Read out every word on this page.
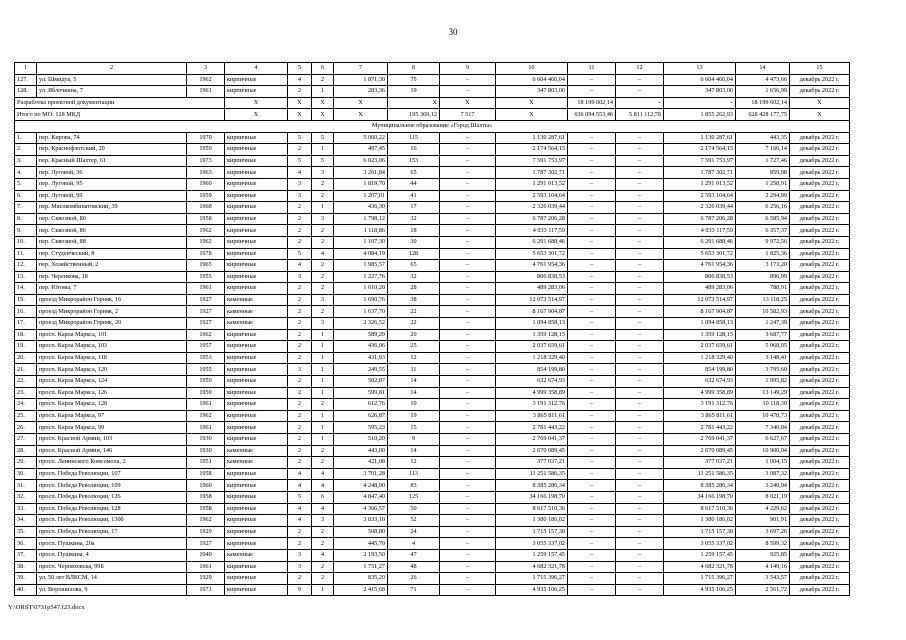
30
1	2	3	4	5	6	7	8	9	10	11	12	13	14	15	
127.	ул. Шмидта, 5	1962	кирпичные	4	2	1 871,30	75	–	6 604 466,04	–	–	6 604 466,04	4 473,66	декабрь 2022 г.	
128.	ул. Яблочкина, 7	1961	кирпичные	2	1	283,36	19	–	347 803,00	–	–	347 803,00	1 656,99	декабрь 2022 г.	
Разработка проектной документации			X	X	X	X	X	X	X	18 199 602,14	–	–	18 199 602,14	X	
Итого по МО: 128 МКД			X	X	X	X	195 369,12	7 517	X	636 094 553,46	5 811 112,78	1 855 262,93	628 428 177,75	X	
Муниципальное образование «Город Шахты»															
1.	пер. Кирова, 74	1970	кирпичные	5	5	5 060,22	115	–	1 130 287,61	–	–	1 130 287,61	443,35	декабрь 2022 г.	
2.	пер. Краснофлотский, 20	1959	кирпичные	2	1	497,45	16	–	2 174 564,15	–	–	2 174 564,15	7 166,14	декабрь 2022 г.	
3.	пер. Красный Шахтер, 61	1973	кирпичные	5	5	6 023,06	153	–	7 591 753,97	–	–	7 591 753,97	1 727,46	декабрь 2022 г.	
4.	пер. Луговой, 36	1963	кирпичные	4	3	3 261,84	65	–	1 787 302,71	–	–	1 787 302,71	859,98	декабрь 2022 г.	
5.	пер. Луговой, 95	1960	кирпичные	3	2	1 819,70	44	–	1 291 013,52	–	–	1 291 013,52	1 258,91	декабрь 2022 г.	
6.	пер. Луговой, 99	1959	кирпичные	3	2	1 207,01	41	–	2 593 104,64	–	–	2 593 104,64	2 294,99	декабрь 2022 г.	
7.	пер. Мясокомбинатовский, 39	1968	кирпичные	2	1	436,30	17	–	2 326 039,44	–	–	2 326 039,44	6 256,16	декабрь 2022 г.	
8.	пер. Сквозной, 80	1958	кирпичные	2	3	1 798,12	32	–	6 787 206,28	–	–	6 787 206,28	6 585,94	декабрь 2022 г.	
9.	пер. Сквозной, 86	1962	кирпичные	2	2	1 118,86	18	–	4 033 117,59	–	–	4 033 117,59	6 357,37	декабрь 2022 г.	
10.	пер. Сквозной, 88	1962	кирпичные	2	2	1 107,30	30	–	6 291 688,46	–	–	6 291 688,46	9 972,56	декабрь 2022 г.	
11.	пер. Студенческий, 8	1978	кирпичные	5	4	4 084,19	128	–	5 653 301,72	–	–	5 653 301,72	1 825,36	декабрь 2022 г.	
12.	пер. Хозяйственный, 2	1965	кирпичные	4	2	1 985,57	65	–	4 761 954,36	–	–	4 761 954,36	3 173,20	декабрь 2022 г.	
13.	пер. Черенкова, 18	1955	кирпичные	3	2	1 227,76	32	–	806 838,53	–	–	806 838,53	896,99	декабрь 2022 г.	
14.	пер. Юговы, 7	1961	кирпичные	2	2	1 010,20	28	–	489 283,06	–	–	489 283,06	788,91	декабрь 2022 г.	
15.	проезд Микрорайон Горняк, 16	1927	каменные	2	3	1 690,76	38	–	12 073 514,97	–	–	12 073 514,97	13 118,25	декабрь 2022 г.	
16.	проезд Микрорайон Горняк, 2	1927	каменные	2	2	1 637,70	22	–	8 167 904,87	–	–	8 167 904,87	10 582,93	декабрь 2022 г.	
17.	проезд Микрорайон Горняк, 20	1927	каменные	2	3	2 326,52	22	–	1 094 858,13	–	–	1 094 858,13	1 247,39	декабрь 2022 г.	
18.	просп. Карла Маркса, 101	1962	кирпичные	2	1	589,29	20	–	1 359 128,15	–	–	1 359 128,15	3 687,77	декабрь 2022 г.	
19.	просп. Карла Маркса, 103	1957	кирпичные	2	1	436,06	25	–	2 037 659,61	–	–	2 037 659,61	5 068,05	декабрь 2022 г.	
20.	просп. Карла Маркса, 118	1953	кирпичные	2	1	431,93	12	–	1 218 329,40	–	–	1 218 329,40	3 148,41	декабрь 2022 г.	
21.	просп. Карла Маркса, 120	1955	кирпичные	3	1	249,55	11	–	854 199,80	–	–	854 199,80	3 795,60	декабрь 2022 г.	
22.	просп. Карла Маркса, 124	1959	кирпичные	2	1	502,87	14	–	632 674,93	–	–	632 674,93	1 995,82	декабрь 2022 г.	
23.	просп. Карла Маркса, 126	1959	кирпичные	2	1	599,81	14	–	4 999 358,89	–	–	4 999 358,89	13 149,29	декабрь 2022 г.	
24.	просп. Карла Маркса, 128	1961	кирпичные	2	2	612,76	10	–	3 191 312,76	–	–	3 191 312,76	10 118,30	декабрь 2022 г.	
25.	просп. Карла Маркса, 97	1962	кирпичные	2	1	626,87	19	–	3 865 811,61	–	–	3 865 811,61	10 478,73	декабрь 2022 г.	
26.	просп. Карла Маркса, 99	1961	кирпичные	2	1	595,23	15	–	2 781 443,22	–	–	2 781 443,22	7 340,84	декабрь 2022 г.	
27.	просп. Красной Армии, 103	1930	кирпичные	2	1	510,20	9	–	2 769 041,37	–	–	2 769 041,37	6 627,67	декабрь 2022 г.	
28.	просп. Красной Армии, 146	1930	каменные	2	2	443,00	14	–	2 070 089,45	–	–	2 070 089,45	10 900,94	декабрь 2022 г.	
29.	просп. Ленинского Комсомола, 2	1951	каменные	2	2	421,08	12	–	377 037,21	–	–	377 037,21	1 004,15	декабрь 2022 г.	
30.	просп. Победа Революции, 107	1958	кирпичные	4	4	3 701,28	113	–	11 251 586,35	–	–	11 251 586,35	3 087,32	декабрь 2022 г.	
31.	просп. Победа Революции, 109	1960	кирпичные	4	4	4 248,90	83	–	8 385 286,34	–	–	8 385 286,34	3 240,94	декабрь 2022 г.	
32.	просп. Победа Революции, 126	1958	кирпичные	5	6	4 847,40	125	–	34 166 198,70	–	–	34 166 198,70	8 021,19	декабрь 2022 г.	
33.	просп. Победа Революции, 128	1958	кирпичные	4	4	4 366,57	50	–	8 617 510,36	–	–	8 617 510,36	4 229,62	декабрь 2022 г.	
34.	просп. Победа Революции, 130б	1962	кирпичные	4	3	3 833,10	52	–	1 380 186,02	–	–	1 380 186,02	901,91	декабрь 2022 г.	
35.	просп. Победа Революции, 17	1929	кирпичные	2	2	508,80	24	–	1 715 157,30	–	–	1 715 157,30	3 697,26	декабрь 2022 г.	
36.	просп. Пушкина, 20а	1927	кирпичные	2	2	445,70	4	–	3 055 337,02	–	–	3 055 337,02	8 599,32	декабрь 2022 г.	
37.	просп. Пушкина, 4	1940	каменные	3	4	2 193,50	47	–	1 259 157,45	–	–	1 259 157,45	925,85	декабрь 2022 г.	
38.	просп. Черняховска, 99Б	1961	кирпичные	3	2	1 751,27	48	–	4 682 321,78	–	–	4 682 321,78	4 149,16	декабрь 2022 г.	
39.	ул. 50 лет ВЛКСМ, 14	1929	кирпичные	2	2	835,20	26	–	1 715 396,27	–	–	1 715 396,27	3 543,57	декабрь 2022 г.	
40.	ул. Ворошилова, 9	1971	кирпичные	9	1	2 415,68	71	–	4 935 106,25	–	–	4 935 106,25	2 561,72	декабрь 2022 г.	
Y:\ORST\0731p547.f23.docx
